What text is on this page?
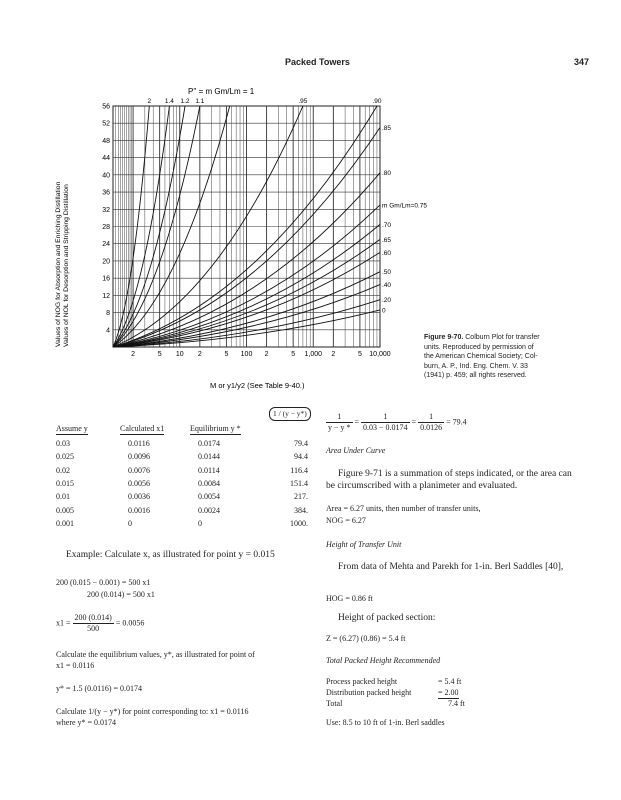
Packed Towers	347
56
52
48
44
40
36
32
28
24
20
16
12
8
4
2	5 10 2	5 100 2	5 1,000 2	5 10,000
2 1.4 1.2 1.1	.95	.90
.85
.80
m Gm/Lm=0.75
.70
.65
.60
.50
.40
.20
0
P'' = m Gm/Lm = 1
M or y1/y2 (See Table 9-40.)
Values of NOG for Absorption and Enriching Distillation Values of NOL for Desorption and Stripping Distillation	Figure 9-70. Colburn Plot for transfer
units. Reproduced by permission of
the American Chemical Society; Col-
burn, A. P., Ind. Eng. Chem. V. 33
(1941) p. 459; all rights reserved.
Assume y	Calculated x1	Equilibrium y *
1 / (y − y*)
0.03	0.0116	0.0174	79.4
0.025	0.0096	0.0144	94.4
0.02	0.0076	0.0114	116.4
0.015	0.0056	0.0084	151.4
0.01	0.0036	0.0054	217.
0.005	0.0016	0.0024	384.
0.001	0	0	1000.
Example: Calculate x, as illustrated for point y = 0.015
200 (0.015 − 0.001) = 500 x1
200 (0.014) = 500 x1
$x1 = \frac{200 (0.014)}{500} = 0.0056$
Calculate the equilibrium values, y*, as illustrated for point of
x1 = 0.0116
y* = 1.5 (0.0116) = 0.0174
Calculate 1/(y − y*) for point corresponding to: x1 = 0.0116
where y* = 0.0174
$\frac{1}{y - y *} = \frac{1}{0.03 - 0.0174} = \frac{1}{0.0126} = 79.4$
Area Under Curve
Figure 9-71 is a summation of steps indicated, or the area can be circumscribed with a planimeter and evaluated.
Area = 6.27 units, then number of transfer units,
NOG = 6.27
Height of Transfer Unit
From data of Mehta and Parekh for 1-in. Berl Saddles [40],
HOG = 0.86 ft
Height of packed section:
Z = (6.27) (0.86) = 5.4 ft
Total Packed Height Recommended
Process packed height	= 5.4 ft
Distribution packed height	= 2.00
Total	7.4 ft
Use: 8.5 to 10 ft of 1-in. Berl saddles
